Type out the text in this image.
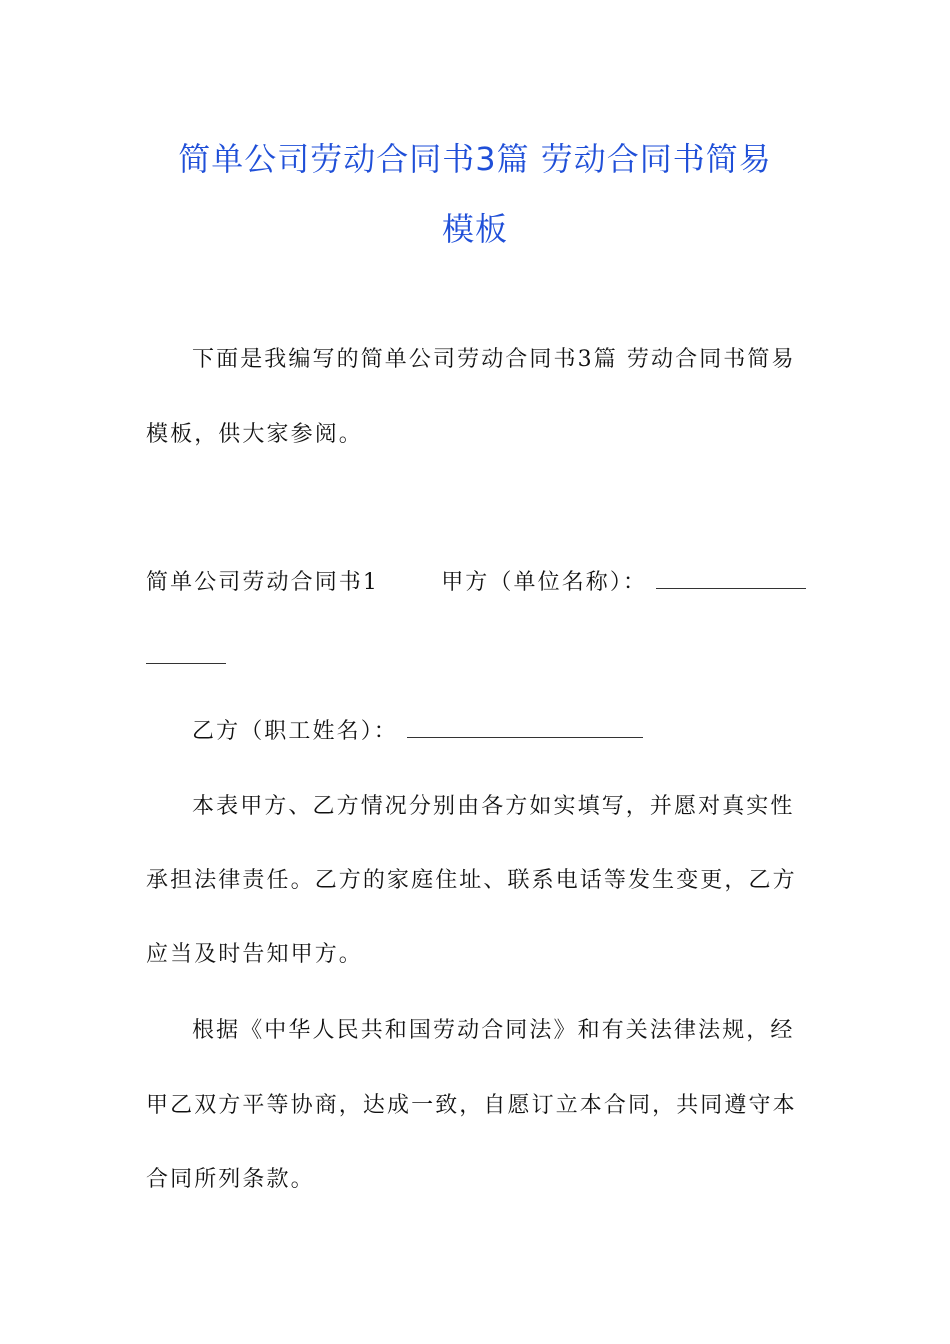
简单公司劳动合同书3篇 劳动合同书简易
模板
下面是我编写的简单公司劳动合同书3篇 劳动合同书简易
模板，供大家参阅。
简单公司劳动合同书1	甲方（单位名称）：
乙方（职工姓名）：
本表甲方、乙方情况分别由各方如实填写，并愿对真实性
承担法律责任。乙方的家庭住址、联系电话等发生变更，乙方
应当及时告知甲方。
根据《中华人民共和国劳动合同法》和有关法律法规，经
甲乙双方平等协商，达成一致，自愿订立本合同，共同遵守本
合同所列条款。
